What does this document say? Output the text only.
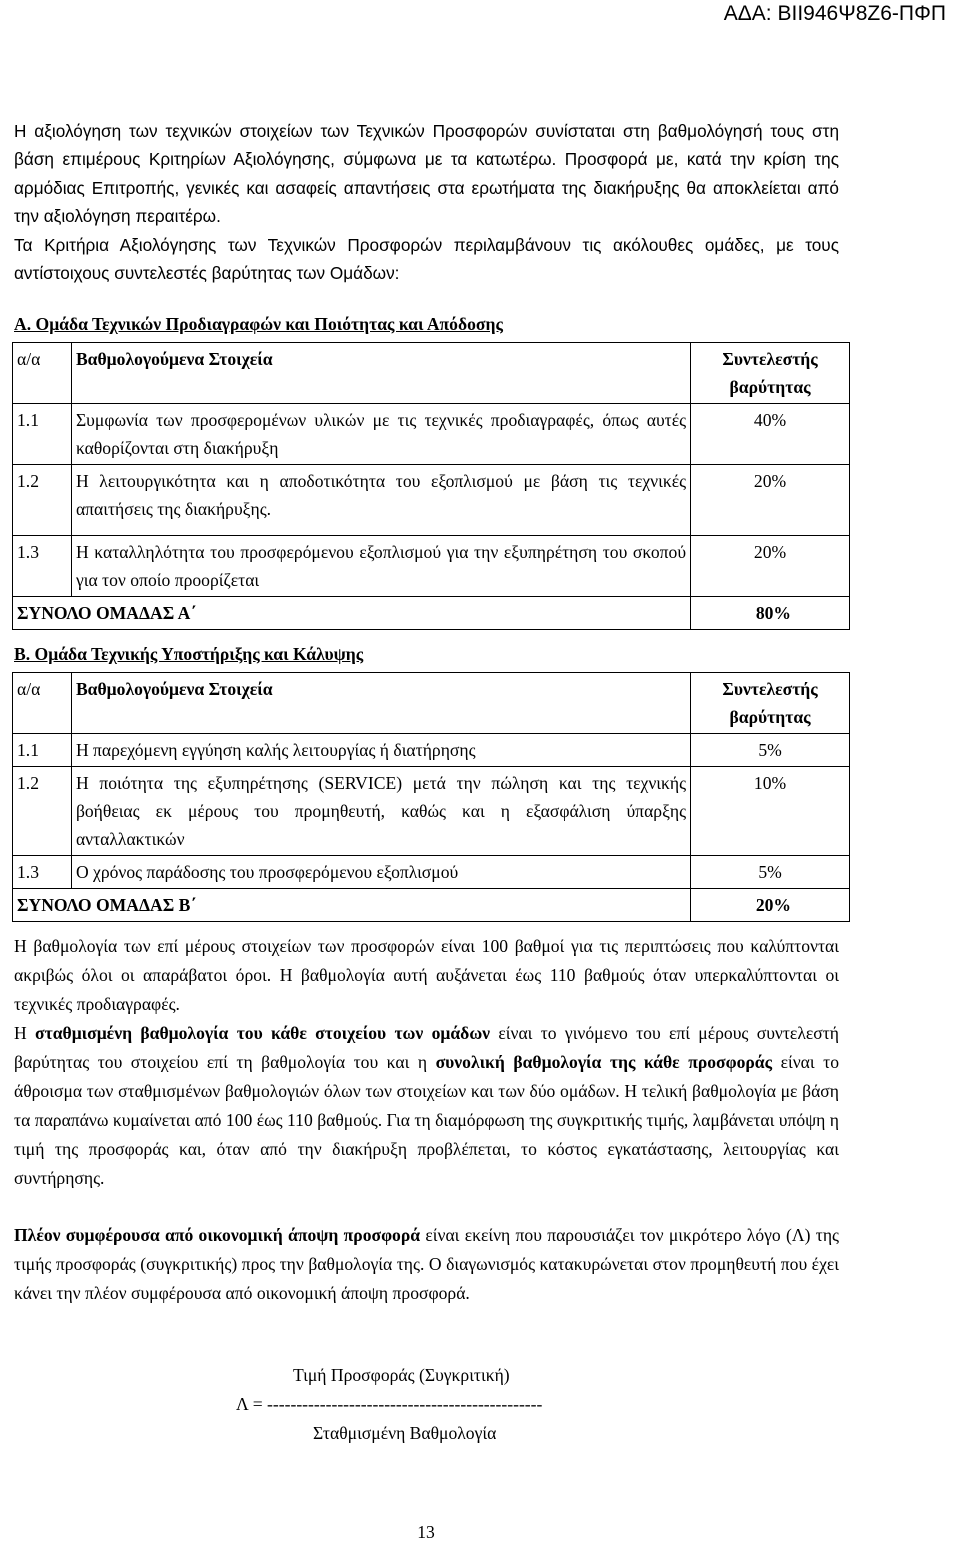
ΑΔΑ: ΒΙΙ946Ψ8Ζ6-ΠΦΠ

Η αξιολόγηση των τεχνικών στοιχείων των Τεχνικών Προσφορών συνίσταται στη βαθμολόγησή τους στη βάση επιμέρους Κριτηρίων Αξιολόγησης, σύμφωνα με τα κατωτέρω. Προσφορά με, κατά την κρίση της αρμόδιας Επιτροπής, γενικές και ασαφείς απαντήσεις στα ερωτήματα της διακήρυξης θα αποκλείεται από την αξιολόγηση περαιτέρω.

Τα Κριτήρια Αξιολόγησης των Τεχνικών Προσφορών περιλαμβάνουν τις ακόλουθες ομάδες, με τους αντίστοιχους συντελεστές βαρύτητας των Ομάδων:

Α. Ομάδα Τεχνικών Προδιαγραφών και Ποιότητας και Απόδοσης
α/α	Βαθμολογούμενα Στοιχεία	Συντελεστής βαρύτητας
1.1	Συμφωνία των προσφερομένων υλικών με τις τεχνικές προδιαγραφές, όπως αυτές καθορίζονται στη διακήρυξη	40%
1.2	Η λειτουργικότητα και η αποδοτικότητα του εξοπλισμού με βάση τις τεχνικές απαιτήσεις της διακήρυξης.	20%
1.3	Η καταλληλότητα του προσφερόμενου εξοπλισμού για την εξυπηρέτηση του σκοπού για τον οποίο προορίζεται	20%
ΣΥΝΟΛΟ ΟΜΑΔΑΣ Α΄		80%
Β. Ομάδα Τεχνικής Υποστήριξης και Κάλυψης
α/α	Βαθμολογούμενα Στοιχεία	Συντελεστής βαρύτητας
1.1	Η παρεχόμενη εγγύηση καλής λειτουργίας ή διατήρησης	5%
1.2	Η ποιότητα της εξυπηρέτησης (SERVICE) μετά την πώληση και της τεχνικής βοήθειας εκ μέρους του προμηθευτή, καθώς και η εξασφάλιση ύπαρξης ανταλλακτικών	10%
1.3	Ο χρόνος παράδοσης του προσφερόμενου εξοπλισμού	5%
ΣΥΝΟΛΟ ΟΜΑΔΑΣ Β΄		20%

Η βαθμολογία των επί μέρους στοιχείων των προσφορών είναι 100 βαθμοί για τις περιπτώσεις που καλύπτονται ακριβώς όλοι οι απαράβατοι όροι. Η βαθμολογία αυτή αυξάνεται έως 110 βαθμούς όταν υπερκαλύπτονται οι τεχνικές προδιαγραφές.

Η σταθμισμένη βαθμολογία του κάθε στοιχείου των ομάδων είναι το γινόμενο του επί μέρους συντελεστή βαρύτητας του στοιχείου επί τη βαθμολογία του και η συνολική βαθμολογία της κάθε προσφοράς είναι το άθροισμα των σταθμισμένων βαθμολογιών όλων των στοιχείων και των δύο ομάδων. Η τελική βαθμολογία με βάση τα παραπάνω κυμαίνεται από 100 έως 110 βαθμούς. Για τη διαμόρφωση της συγκριτικής τιμής, λαμβάνεται υπόψη η τιμή της προσφοράς και, όταν από την διακήρυξη προβλέπεται, το κόστος εγκατάστασης, λειτουργίας και συντήρησης.

Πλέον συμφέρουσα από οικονομική άποψη προσφορά είναι εκείνη που παρουσιάζει τον μικρότερο λόγο (Λ) της τιμής προσφοράς (συγκριτικής) προς την βαθμολογία της. Ο διαγωνισμός κατακυρώνεται στον προμηθευτή που έχει κάνει την πλέον συμφέρουσα από οικονομική άποψη προσφορά.

Τιμή Προσφοράς (Συγκριτική)
Λ = -----------------------------------------------
Σταθμισμένη Βαθμολογία
13
